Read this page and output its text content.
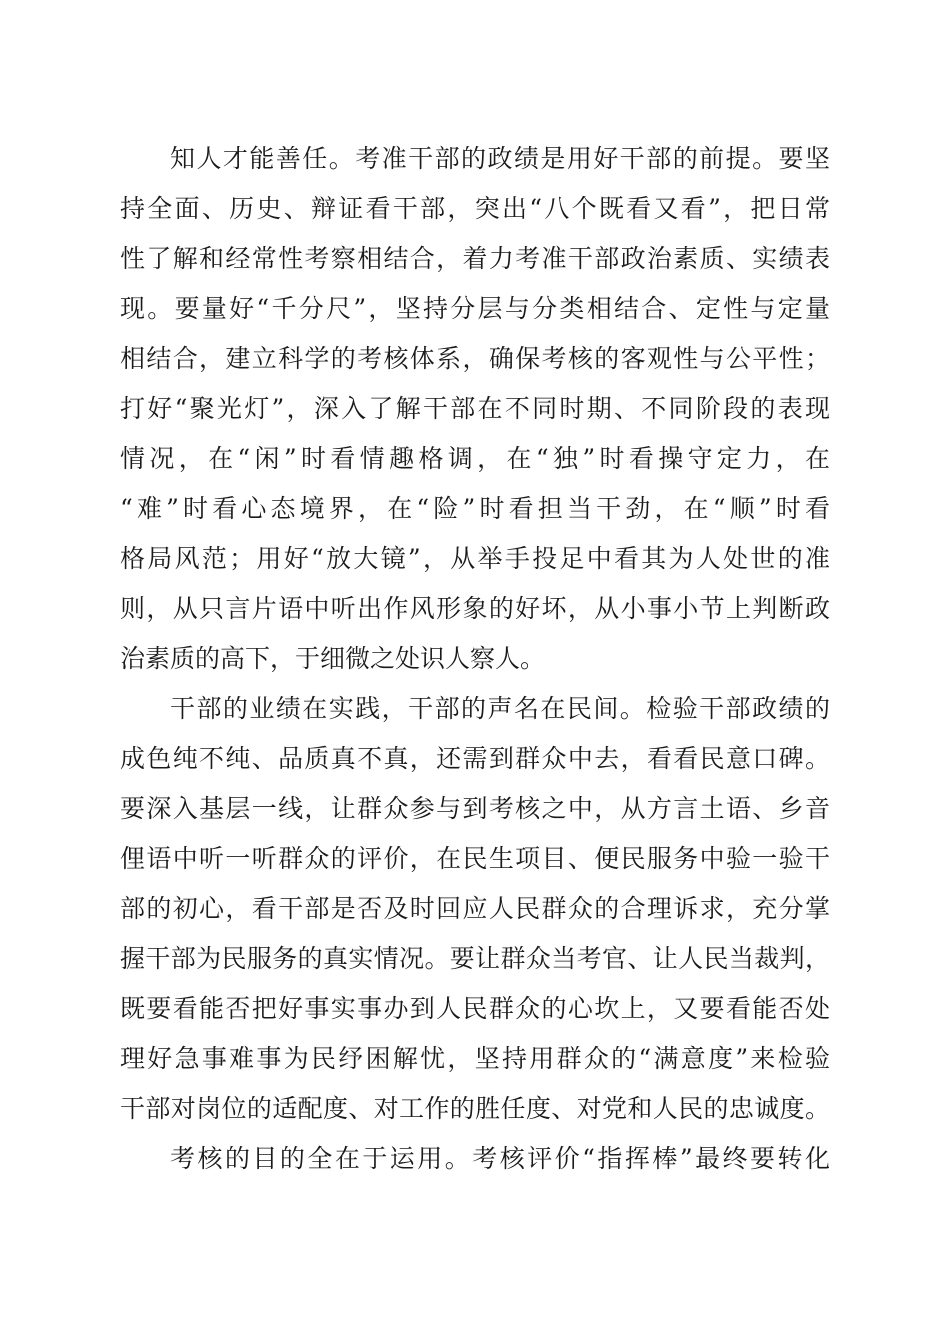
知人才能善任。考准干部的政绩是用好干部的前提。要坚
持全面、历史、辩证看干部，突出“八个既看又看”，把日常
性了解和经常性考察相结合，着力考准干部政治素质、实绩表
现。要量好“千分尺”，坚持分层与分类相结合、定性与定量
相结合，建立科学的考核体系，确保考核的客观性与公平性；
打好“聚光灯”，深入了解干部在不同时期、不同阶段的表现
情况，在“闲”时看情趣格调，在“独”时看操守定力，在
“难”时看心态境界，在“险”时看担当干劲，在“顺”时看
格局风范；用好“放大镜”，从举手投足中看其为人处世的准
则，从只言片语中听出作风形象的好坏，从小事小节上判断政
治素质的高下，于细微之处识人察人。
干部的业绩在实践，干部的声名在民间。检验干部政绩的
成色纯不纯、品质真不真，还需到群众中去，看看民意口碑。
要深入基层一线，让群众参与到考核之中，从方言土语、乡音
俚语中听一听群众的评价，在民生项目、便民服务中验一验干
部的初心，看干部是否及时回应人民群众的合理诉求，充分掌
握干部为民服务的真实情况。要让群众当考官、让人民当裁判，
既要看能否把好事实事办到人民群众的心坎上，又要看能否处
理好急事难事为民纾困解忧，坚持用群众的“满意度”来检验
干部对岗位的适配度、对工作的胜任度、对党和人民的忠诚度。
考核的目的全在于运用。考核评价“指挥棒”最终要转化
